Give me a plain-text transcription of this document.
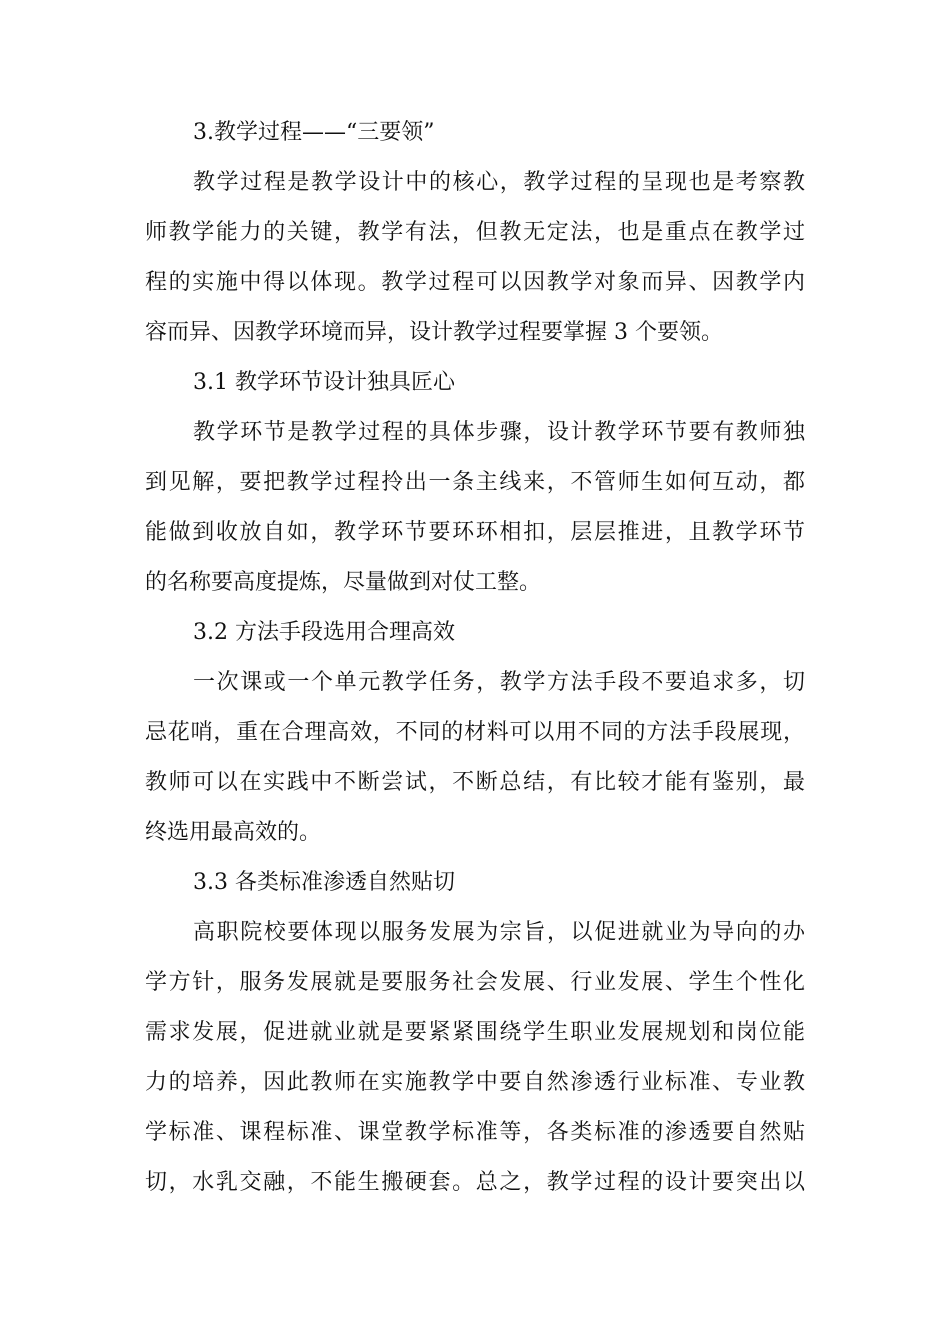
3.教学过程——“三要领”

教学过程是教学设计中的核心，教学过程的呈现也是考察教

师教学能力的关键，教学有法，但教无定法，也是重点在教学过

程的实施中得以体现。教学过程可以因教学对象而异、因教学内

容而异、因教学环境而异，设计教学过程要掌握 3 个要领。

3.1 教学环节设计独具匠心

教学环节是教学过程的具体步骤，设计教学环节要有教师独

到见解，要把教学过程拎出一条主线来，不管师生如何互动，都

能做到收放自如，教学环节要环环相扣，层层推进，且教学环节

的名称要高度提炼，尽量做到对仗工整。

3.2 方法手段选用合理高效

一次课或一个单元教学任务，教学方法手段不要追求多，切

忌花哨，重在合理高效，不同的材料可以用不同的方法手段展现，

教师可以在实践中不断尝试，不断总结，有比较才能有鉴别，最

终选用最高效的。

3.3 各类标准渗透自然贴切

高职院校要体现以服务发展为宗旨，以促进就业为导向的办

学方针，服务发展就是要服务社会发展、行业发展、学生个性化

需求发展，促进就业就是要紧紧围绕学生职业发展规划和岗位能

力的培养，因此教师在实施教学中要自然渗透行业标准、专业教

学标准、课程标准、课堂教学标准等，各类标准的渗透要自然贴

切，水乳交融，不能生搬硬套。总之，教学过程的设计要突出以
